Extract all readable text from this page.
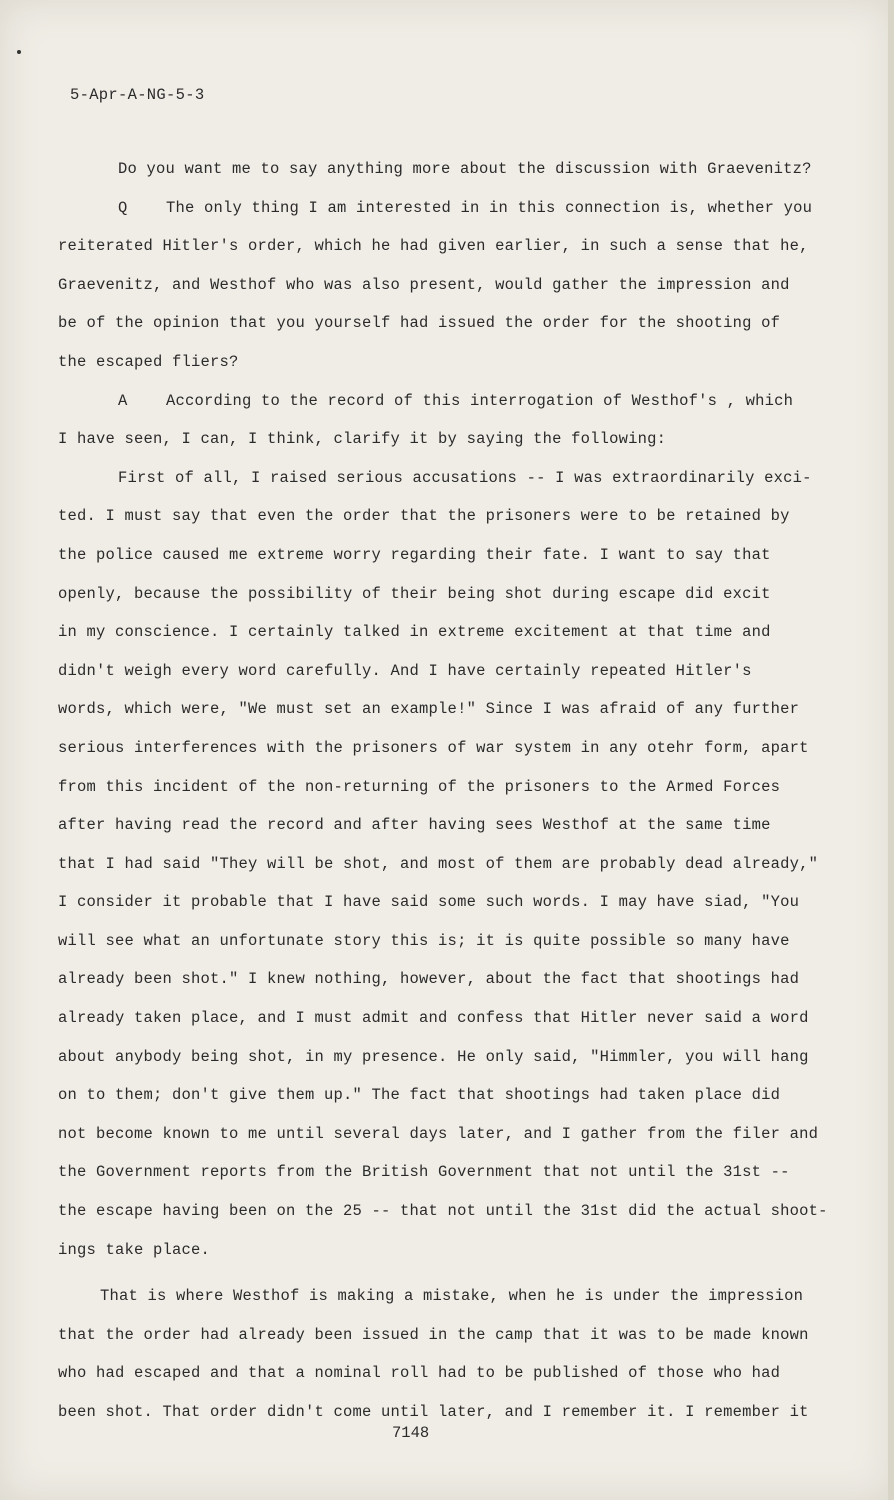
5-Apr-A-NG-5-3
Do you want me to say anything more about the discussion with Graevenitz?
Q The only thing I am interested in in this connection is, whether you
reiterated Hitler's order, which he had given earlier, in such a sense that he,
Graevenitz, and Westhof who was also present, would gather the impression and
be of the opinion that you yourself had issued the order for the shooting of
the escaped fliers?
A According to the record of this interrogation of Westhof's , which
I have seen, I can, I think, clarify it by saying the following:
First of all, I raised serious accusations -- I was extraordinarily exci-
ted. I must say that even the order that the prisoners were to be retained by
the police caused me extreme worry regarding their fate. I want to say that
openly, because the possibility of their being shot during escape did excit
in my conscience. I certainly talked in extreme excitement at that time and
didn't weigh every word carefully. And I have certainly repeated Hitler's
words, which were, "We must set an example!" Since I was afraid of any further
serious interferences with the prisoners of war system in any otehr form, apart
from this incident of the non-returning of the prisoners to the Armed Forces
after having read the record and after having sees Westhof at the same time
that I had said "They will be shot, and most of them are probably dead already,"
I consider it probable that I have said some such words. I may have siad, "You
will see what an unfortunate story this is; it is quite possible so many have
already been shot." I knew nothing, however, about the fact that shootings had
already taken place, and I must admit and confess that Hitler never said a word
about anybody being shot, in my presence. He only said, "Himmler, you will hang
on to them; don't give them up." The fact that shootings had taken place did
not become known to me until several days later, and I gather from the filer and
the Government reports from the British Government that not until the 31st --
the escape having been on the 25 -- that not until the 31st did the actual shoot-
ings take place.
That is where Westhof is making a mistake, when he is under the impression
that the order had already been issued in the camp that it was to be made known
who had escaped and that a nominal roll had to be published of those who had
been shot. That order didn't come until later, and I remember it. I remember it
7148
